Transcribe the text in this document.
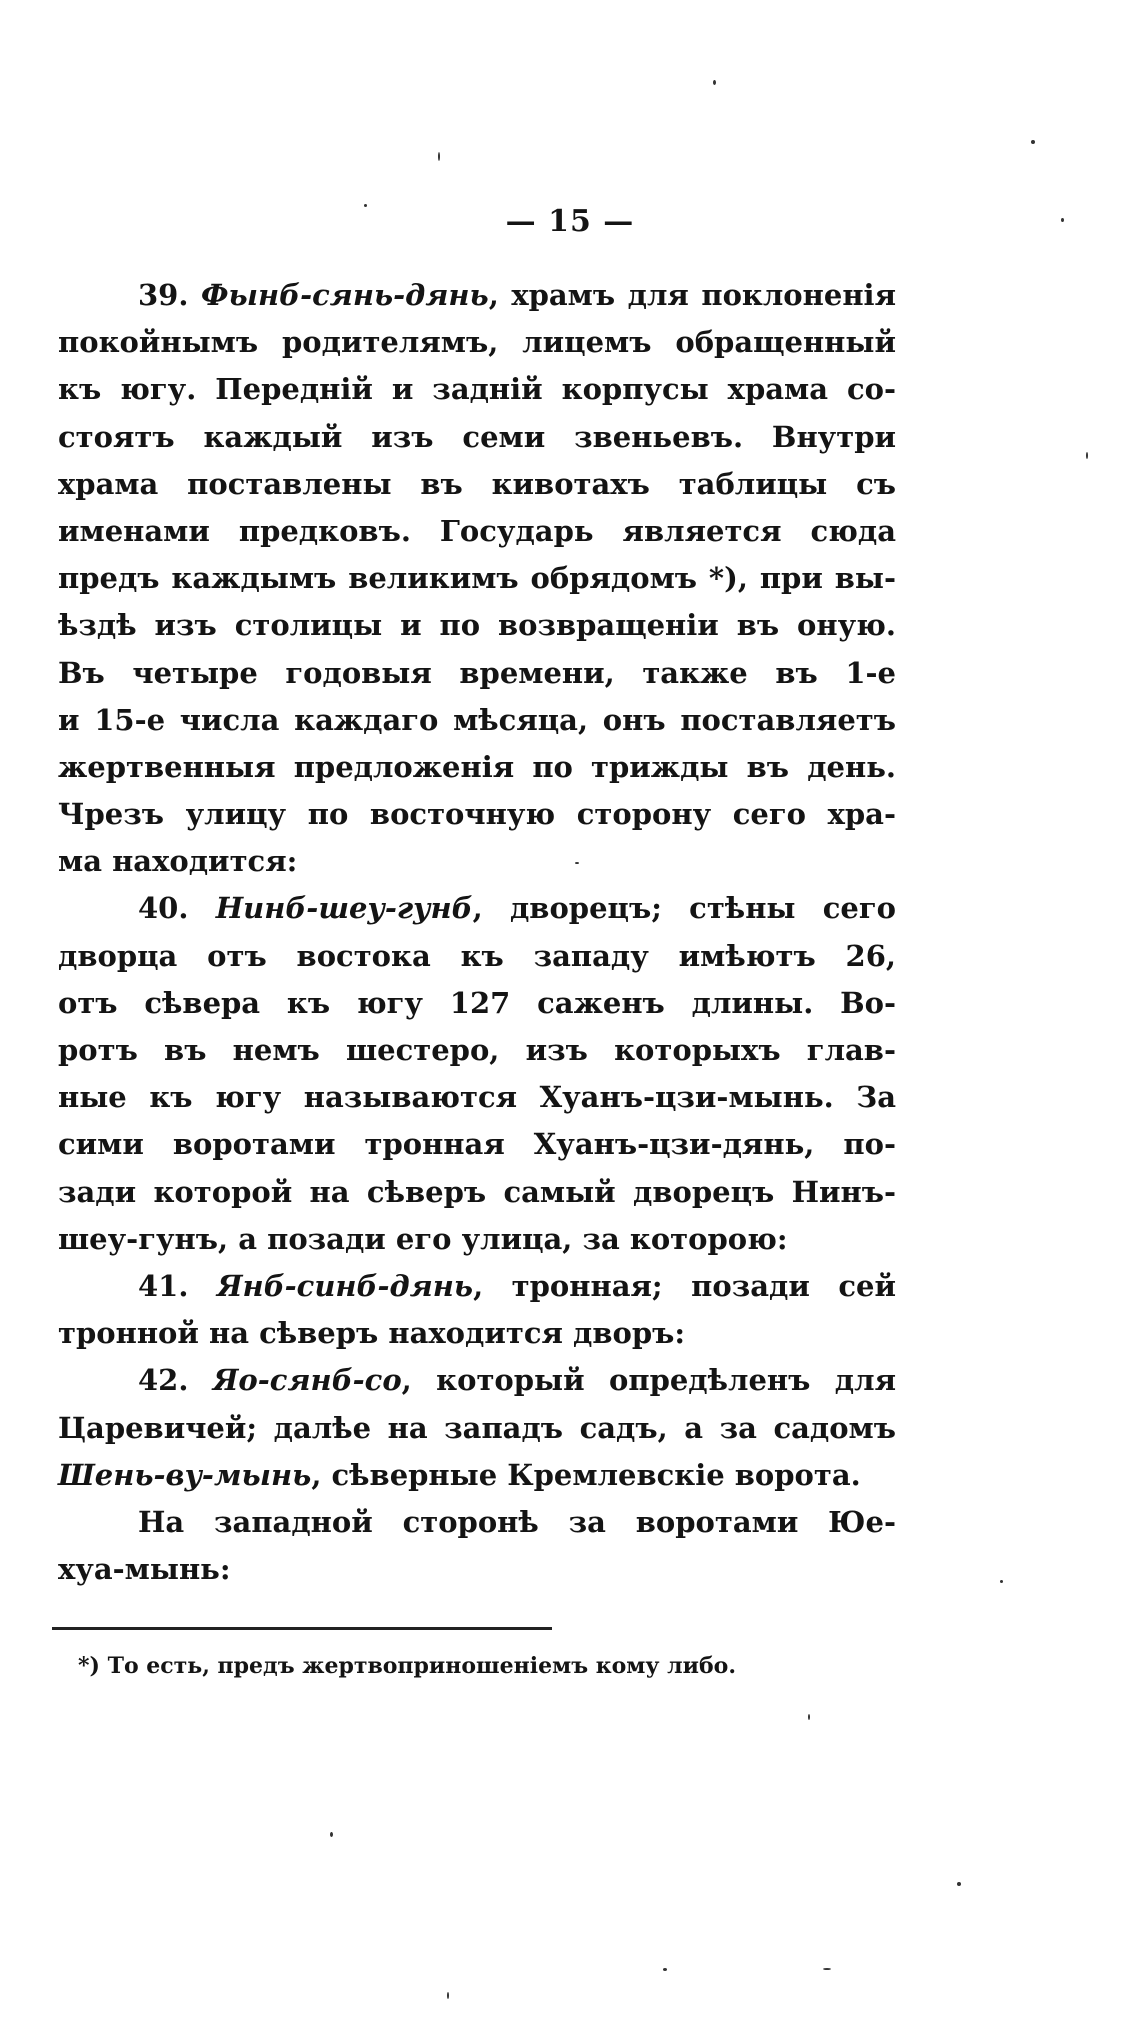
— 15 —
39. Фынб-сянь-дянь, храмъ для поклоненія
покойнымъ родителямъ, лицемъ обращенный
къ югу. Передній и задній корпусы храма со-
стоятъ каждый изъ семи звеньевъ. Внутри
храма поставлены въ кивотахъ таблицы съ
именами предковъ. Государь является сюда
предъ каждымъ великимъ обрядомъ *), при вы-
ѣздѣ изъ столицы и по возвращеніи въ оную.
Въ четыре годовыя времени, также въ 1-е
и 15-е числа каждаго мѣсяца, онъ поставляетъ
жертвенныя предложенія по трижды въ день.
Чрезъ улицу по восточную сторону сего хра-
ма находится:
40. Нинб-шеу-гунб, дворецъ; стѣны сего
дворца отъ востока къ западу имѣютъ 26,
отъ сѣвера къ югу 127 саженъ длины. Во-
ротъ въ немъ шестеро, изъ которыхъ глав-
ные къ югу называются Хуанъ-цзи-мынь. За
сими воротами тронная Хуанъ-цзи-дянь, по-
зади которой на сѣверъ самый дворецъ Нинъ-
шеу-гунъ, а позади его улица, за которою:
41. Янб-синб-дянь, тронная; позади сей
тронной на сѣверъ находится дворъ:
42. Яо-сянб-со, который опредѣленъ для
Царевичей; далѣе на западъ садъ, а за садомъ
Шень-ву-мынь, сѣверные Кремлевскіе ворота.
На западной сторонѣ за воротами Юе-
хуа-мынь:
*) То есть, предъ жертвоприношеніемъ кому либо.
